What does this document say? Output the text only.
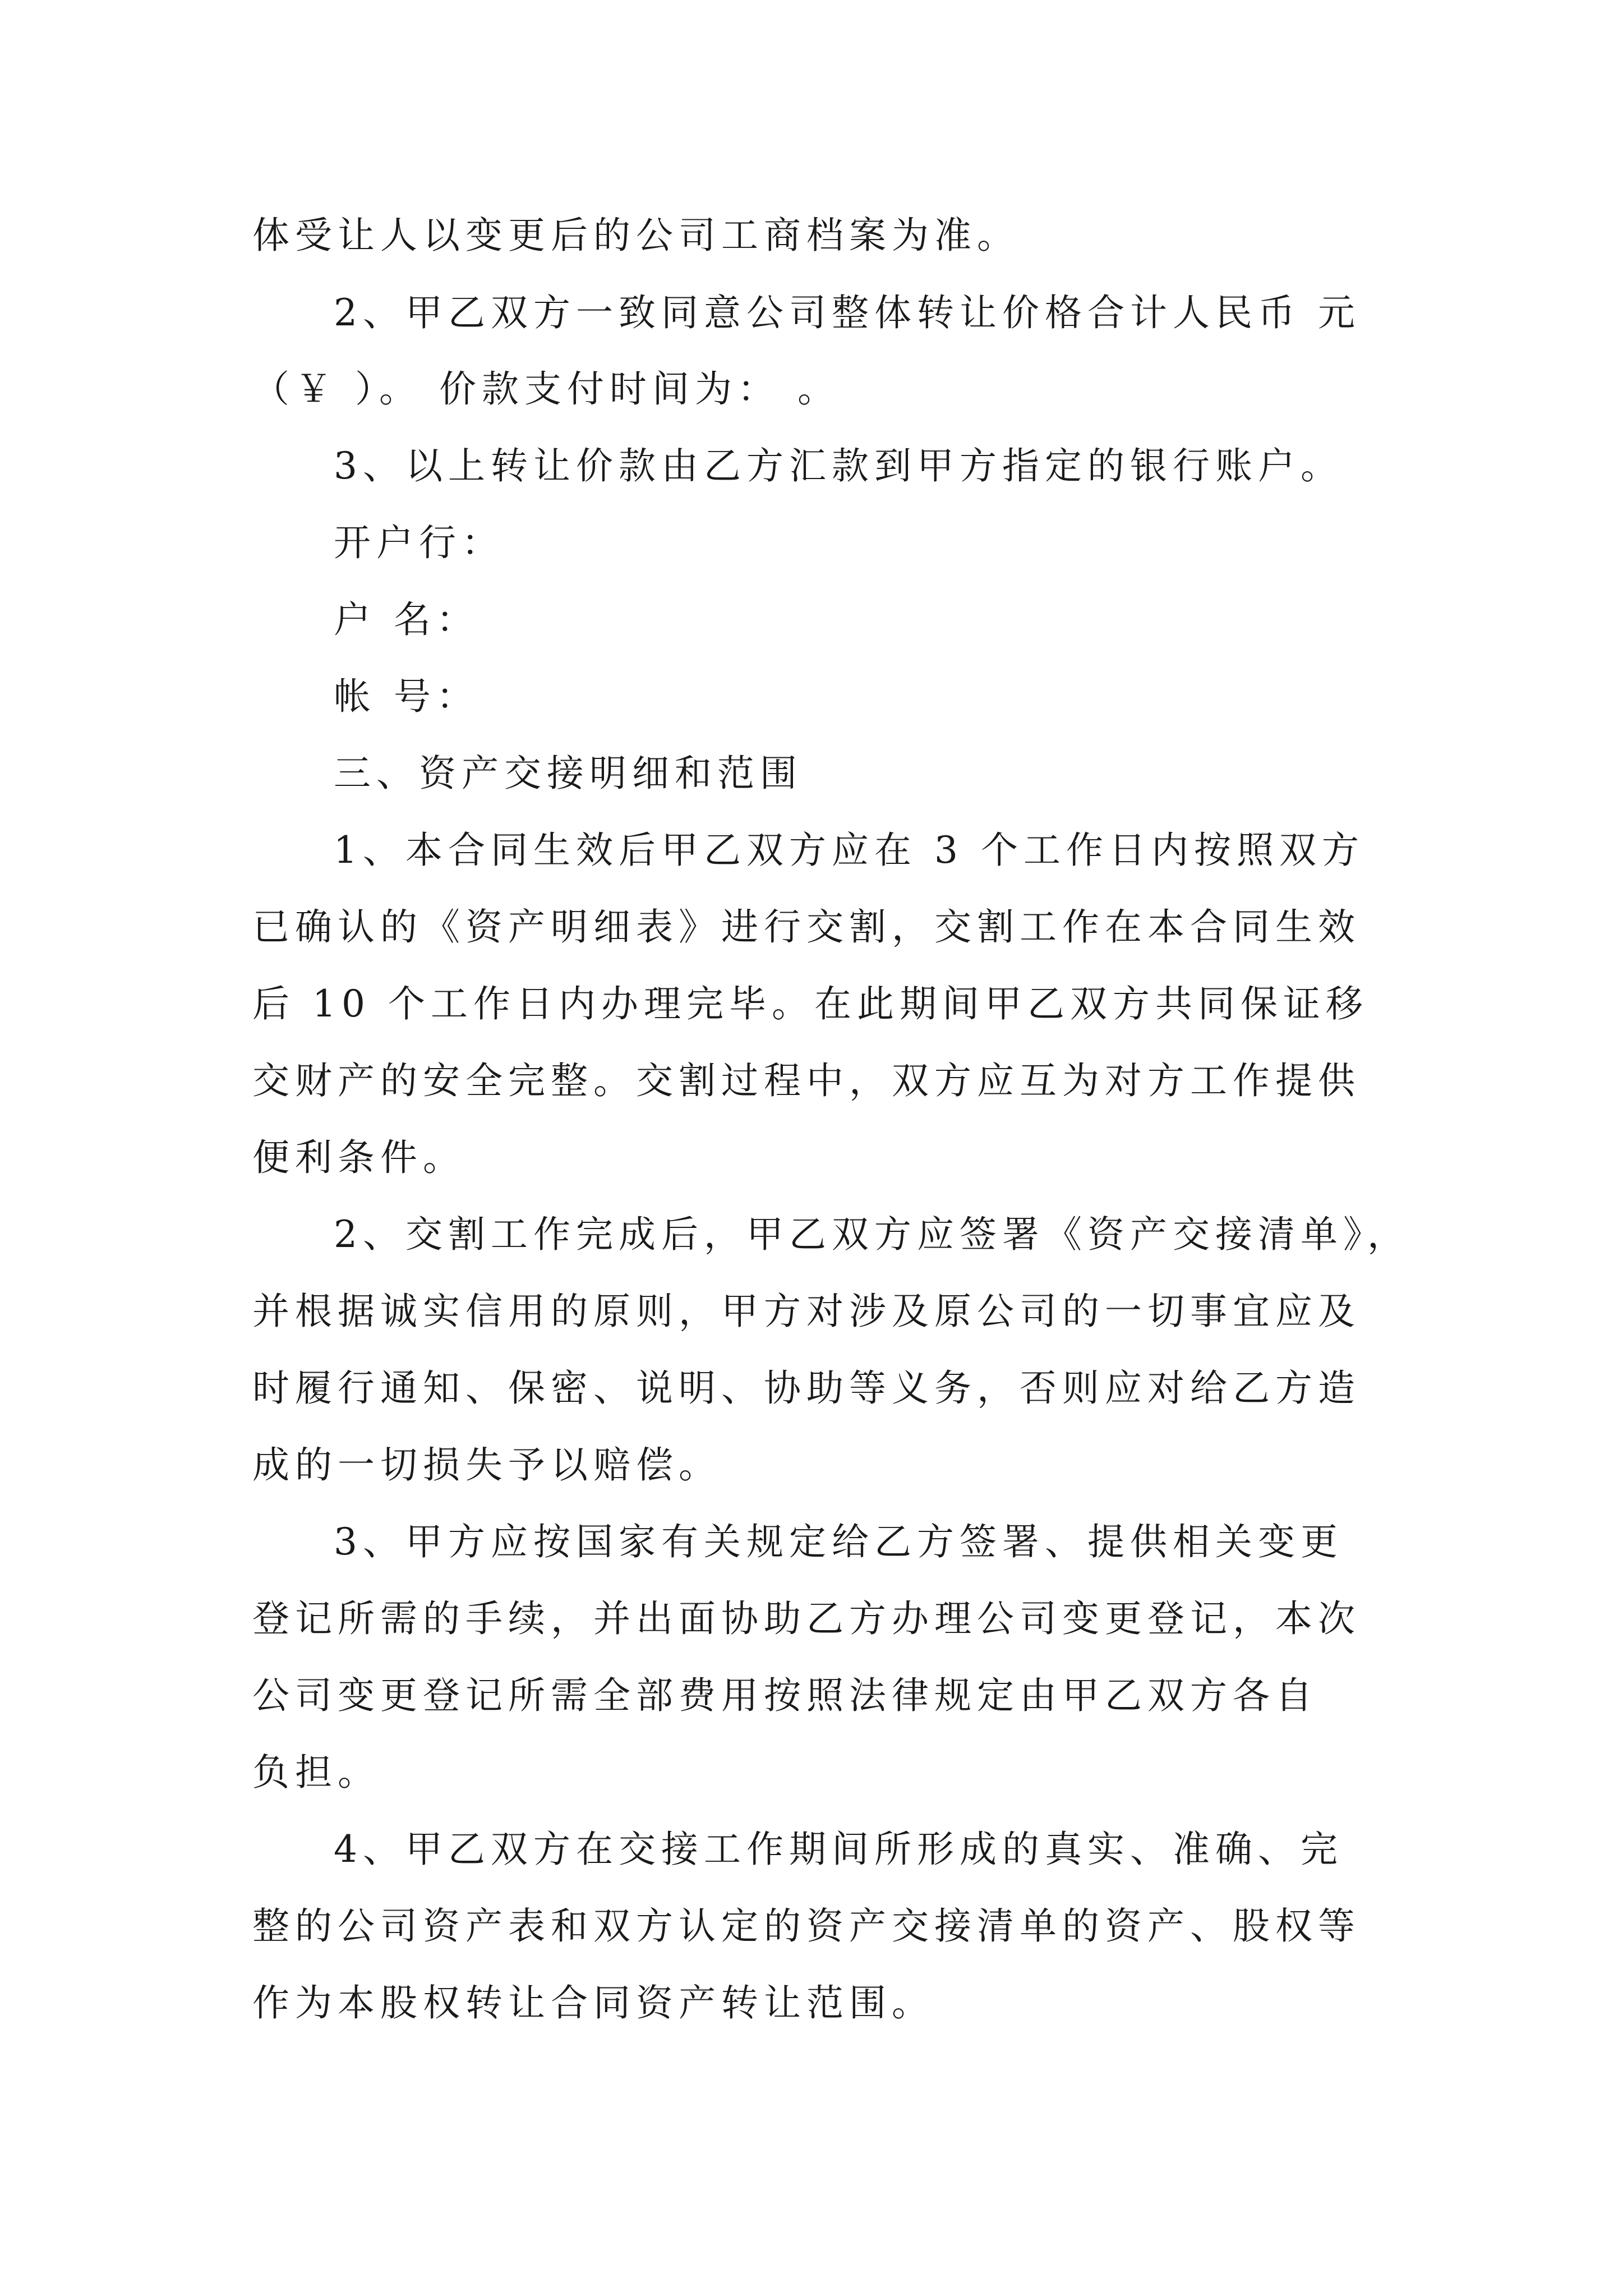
体受让人以变更后的公司工商档案为准。
2、甲乙双方一致同意公司整体转让价格合计人民币 元
（￥ ）。 价款支付时间为： 。
3、以上转让价款由乙方汇款到甲方指定的银行账户。
开户行：
户 名：
帐 号：
三、资产交接明细和范围
1、本合同生效后甲乙双方应在 3 个工作日内按照双方
已确认的《资产明细表》进行交割，交割工作在本合同生效
后 10 个工作日内办理完毕。在此期间甲乙双方共同保证移
交财产的安全完整。交割过程中，双方应互为对方工作提供
便利条件。
2、交割工作完成后，甲乙双方应签署《资产交接清单》，
并根据诚实信用的原则，甲方对涉及原公司的一切事宜应及
时履行通知、保密、说明、协助等义务，否则应对给乙方造
成的一切损失予以赔偿。
3、甲方应按国家有关规定给乙方签署、提供相关变更
登记所需的手续，并出面协助乙方办理公司变更登记，本次
公司变更登记所需全部费用按照法律规定由甲乙双方各自
负担。
4、甲乙双方在交接工作期间所形成的真实、准确、完
整的公司资产表和双方认定的资产交接清单的资产、股权等
作为本股权转让合同资产转让范围。
